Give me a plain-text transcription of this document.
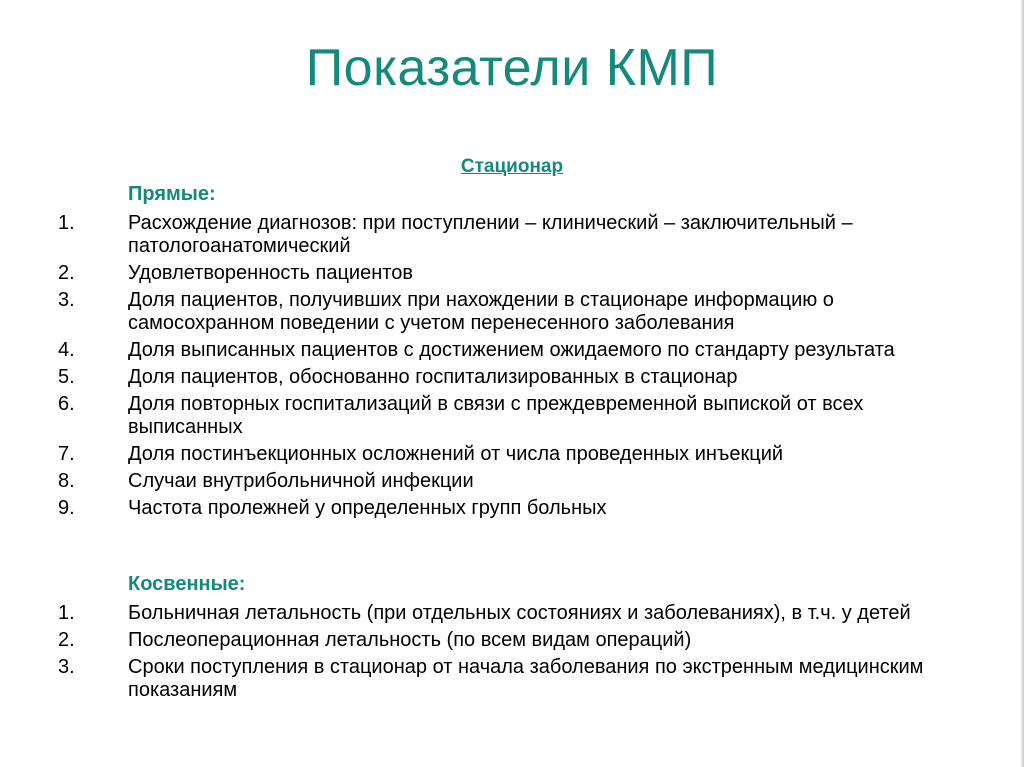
Показатели КМП
Стационар
Прямые:
1.	Расхождение диагнозов: при поступлении – клинический – заключительный – патологоанатомический
2.	Удовлетворенность пациентов
3.	Доля пациентов, получивших при нахождении в стационаре информацию о самосохранном поведении с учетом перенесенного заболевания
4.	Доля выписанных пациентов с достижением ожидаемого по стандарту результата
5.	Доля пациентов, обоснованно госпитализированных в стационар
6.	Доля повторных госпитализаций в связи с преждевременной выпиской от всех выписанных
7.	Доля постинъекционных осложнений от числа проведенных инъекций
8.	Случаи внутрибольничной инфекции
9.	Частота пролежней у определенных групп больных
Косвенные:
1.	Больничная летальность (при отдельных состояниях и заболеваниях), в т.ч. у детей
2.	Послеоперационная летальность (по всем видам операций)
3.	Сроки поступления в стационар от начала заболевания по экстренным медицинским показаниям
